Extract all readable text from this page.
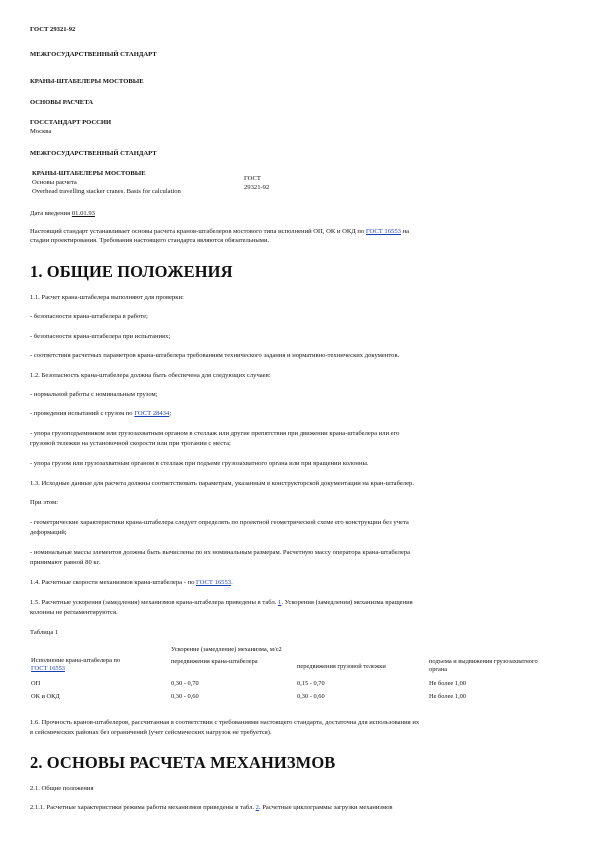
ГОСТ 29321-92
МЕЖГОСУДАРСТВЕННЫЙ СТАНДАРТ
КРАНЫ-ШТАБЕЛЕРЫ МОСТОВЫЕ
ОСНОВЫ РАСЧЕТА
ГОССТАНДАРТ РОССИИ
Москва
МЕЖГОСУДАРСТВЕННЫЙ СТАНДАРТ
КРАНЫ-ШТАБЕЛЕРЫ МОСТОВЫЕ
Основы расчета
Overhead travelling stacker cranes. Basis for calculation
ГОСТ
29321-92
Дата введения 01.01.93
Настоящий стандарт устанавливает основы расчета кранов-штабелеров мостового типа исполнений ОП, ОК и ОКД по ГОСТ 16553 на
стадии проектирования. Требования настоящего стандарта являются обязательными.
1. ОБЩИЕ ПОЛОЖЕНИЯ
1.1. Расчет крана-штабелера выполняют для проверки:
- безопасности крана-штабелера в работе;
- безопасности крана-штабелера при испытаниях;
- соответствия расчетных параметров крана-штабелера требованиям технического задания и нормативно-технических документов.
1.2. Безопасность крана-штабелера должна быть обеспечена для следующих случаев:
- нормальной работы с номинальным грузом;
- проведения испытаний с грузом по ГОСТ 28434;
- упора грузоподъемником или грузозахватным органом в стеллаж или другие препятствия при движении крана-штабелера или его
грузовой тележки на установочной скорости или при трогании с места;
- упора грузом или грузозахватным органом в стеллаж при подъеме грузозахватного органа или при вращении колонны.
1.3. Исходные данные для расчета должны соответствовать параметрам, указанным в конструкторской документации на кран-штабелер.
При этом:
- геометрические характеристики крана-штабелера следует определять по проектной геометрической схеме его конструкции без учета
деформаций;
- номинальные массы элементов должны быть вычислены по их номинальным размерам. Расчетную массу оператора крана-штабелера
принимают равной 80 кг.
1.4. Расчетные скорости механизмов крана-штабелера - по ГОСТ 16553.
1.5. Расчетные ускорения (замедления) механизмов крана-штабелера приведены в табл. 1. Ускорения (замедления) механизма вращения
колонны не регламентируются.
Таблица 1
Исполнение крана-штабелера по
ГОСТ 16553	Ускорение (замедление) механизма, м/с2		
	передвижения крана-штабелера	передвижения грузовой тележки	подъема и выдвижения грузозахватного органа
ОП	0,30 - 0,70	0,15 - 0,70	Не более 1,00
ОК и ОКД	0,30 - 0,60	0,30 - 0,60	Не более 1,00
1.6. Прочность кранов-штабелеров, рассчитанная в соответствии с требованиями настоящего стандарта, достаточна для использования их
в сейсмических районах без ограничений (учет сейсмических нагрузок не требуется).
2. ОСНОВЫ РАСЧЕТА МЕХАНИЗМОВ
2.1. Общие положения
2.1.1. Расчетные характеристики режима работы механизмов приведены в табл. 2. Расчетные циклограммы загрузки механизмов
